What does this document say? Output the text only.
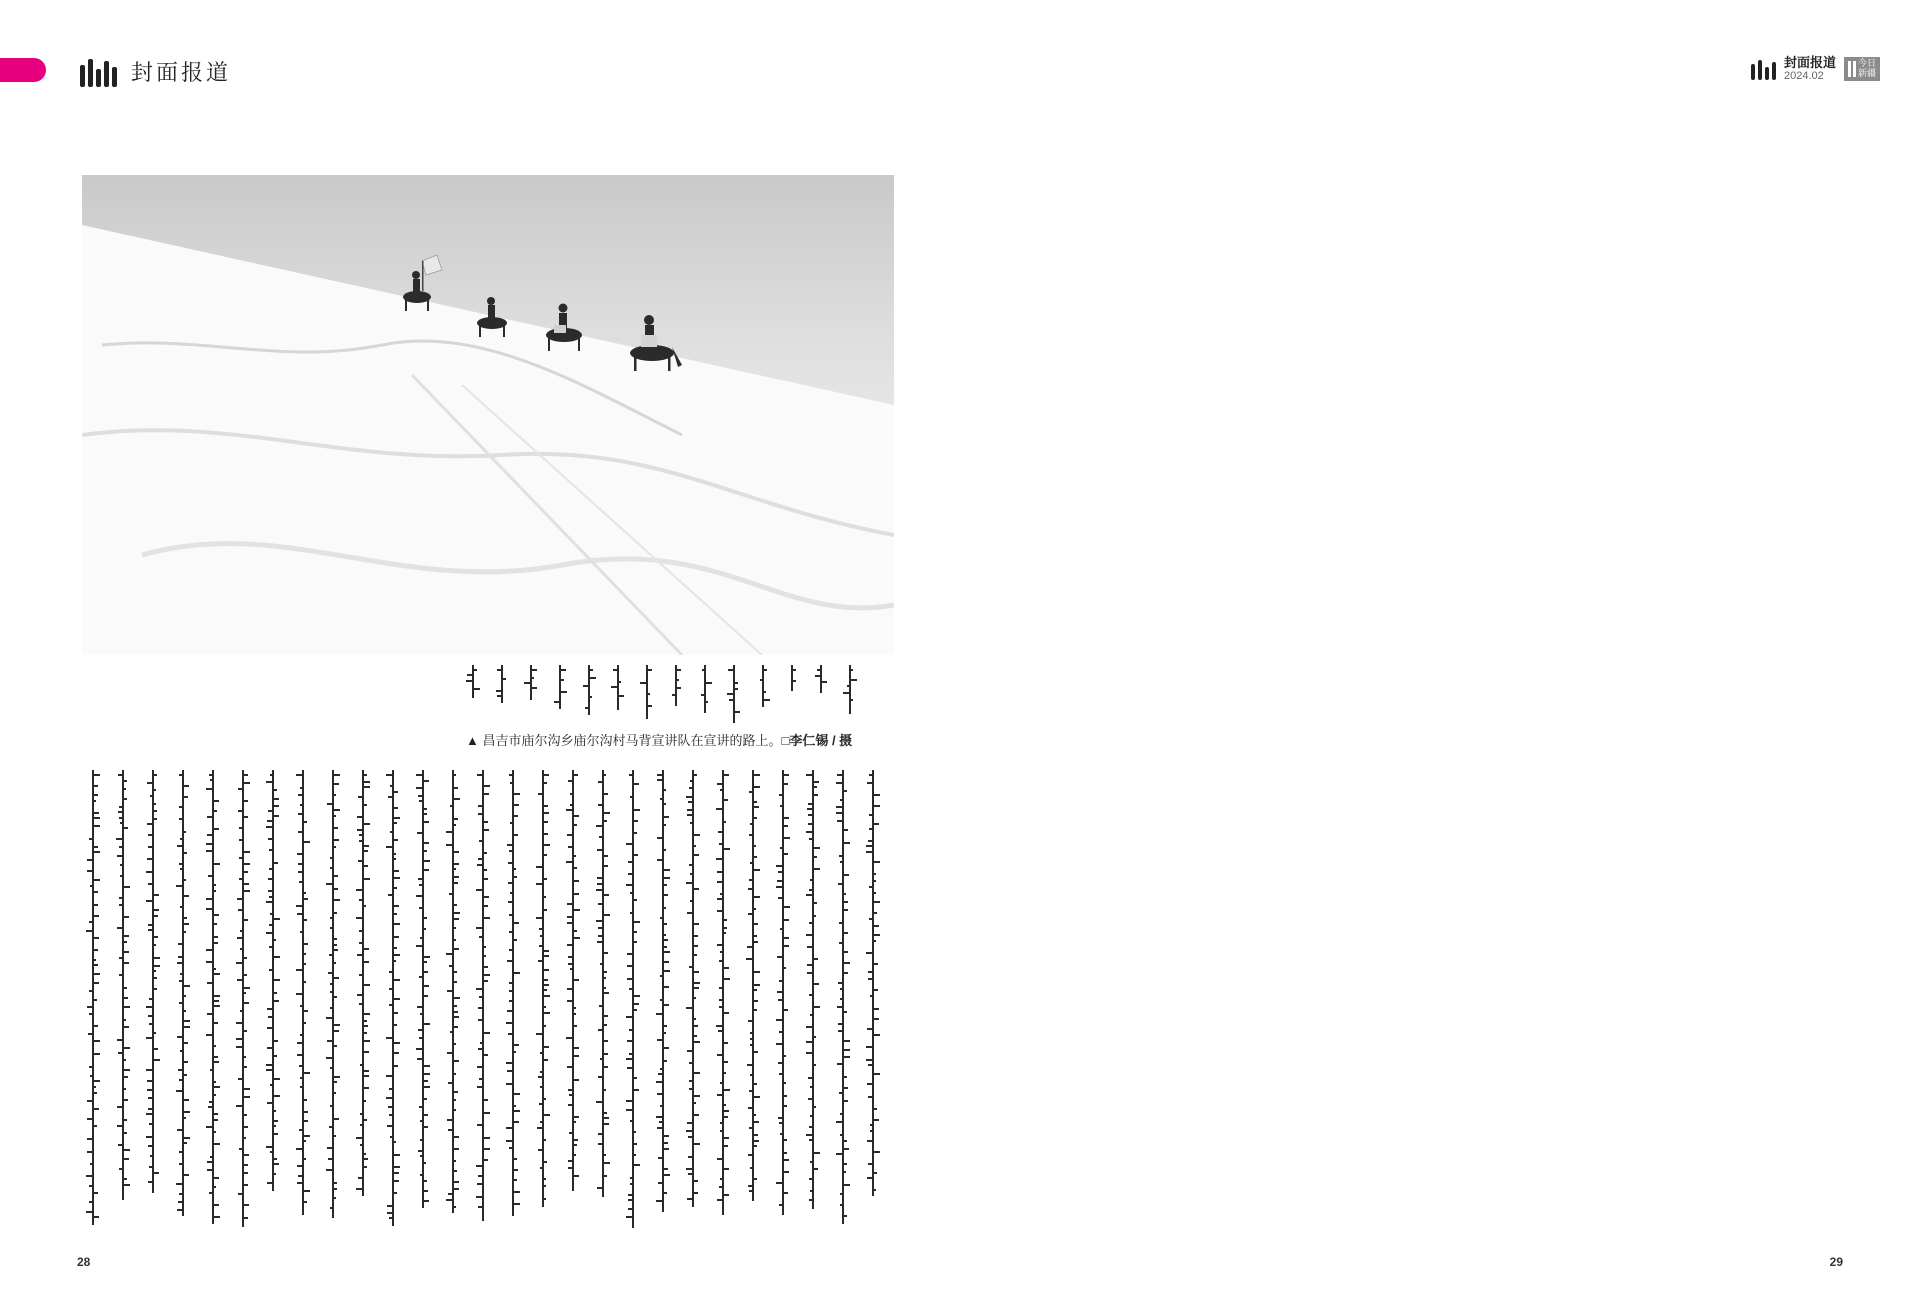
封面报道
▲ 昌吉市庙尔沟乡庙尔沟村马背宣讲队在宣讲的路上。□李仁锡 / 摄
28
封面报道
2024.02
今日
新疆
29
